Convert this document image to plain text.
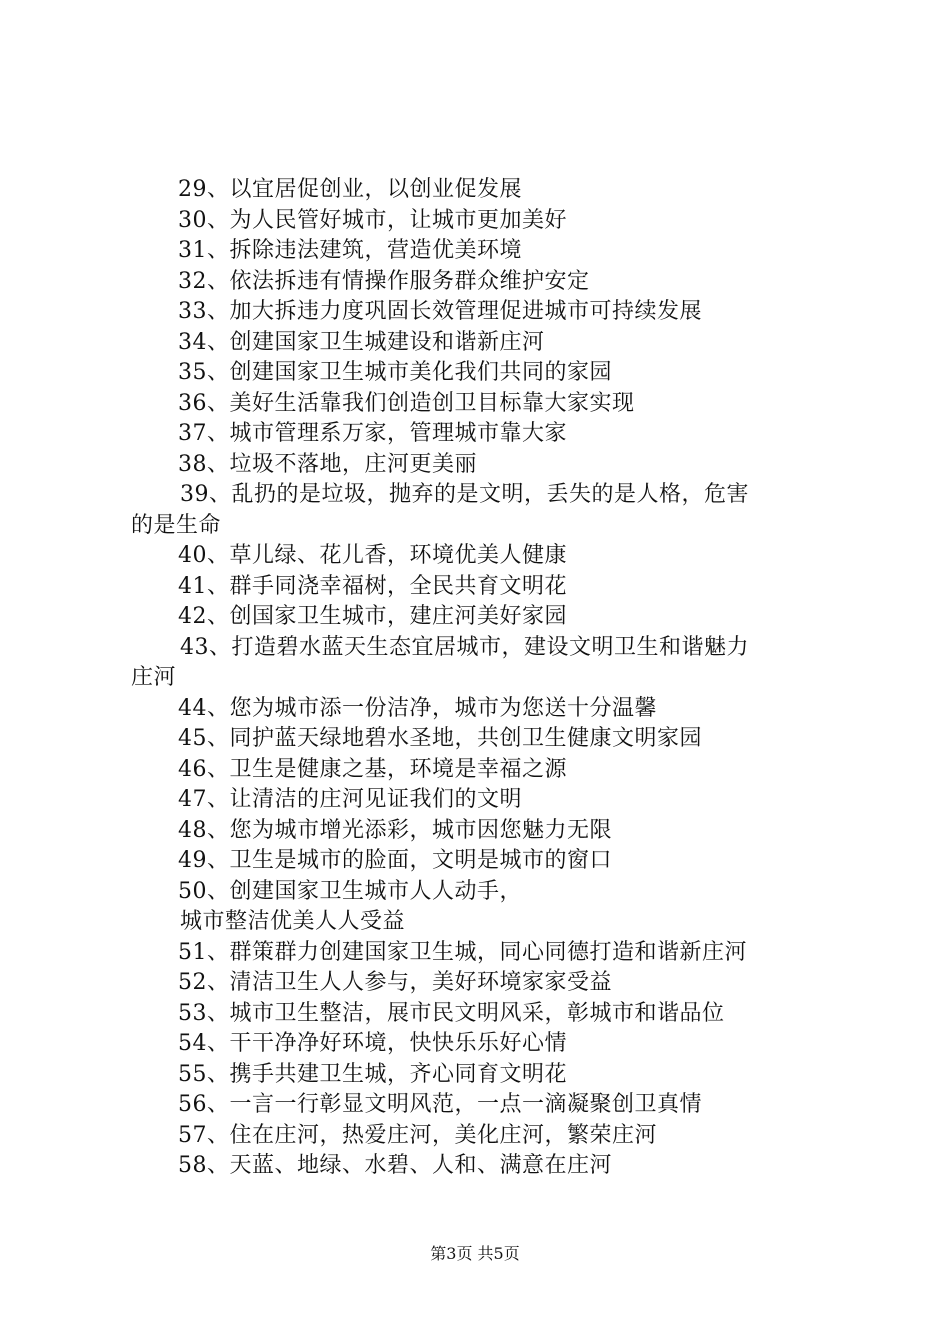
29、以宜居促创业，以创业促发展
30、为人民管好城市，让城市更加美好
31、拆除违法建筑，营造优美环境
32、依法拆违有情操作服务群众维护安定
33、加大拆违力度巩固长效管理促进城市可持续发展
34、创建国家卫生城建设和谐新庄河
35、创建国家卫生城市美化我们共同的家园
36、美好生活靠我们创造创卫目标靠大家实现
37、城市管理系万家，管理城市靠大家
38、垃圾不落地，庄河更美丽
39、乱扔的是垃圾，抛弃的是文明，丢失的是人格，危害
的是生命
40、草儿绿、花儿香，环境优美人健康
41、群手同浇幸福树，全民共育文明花
42、创国家卫生城市，建庄河美好家园
43、打造碧水蓝天生态宜居城市，建设文明卫生和谐魅力
庄河
44、您为城市添一份洁净，城市为您送十分温馨
45、同护蓝天绿地碧水圣地，共创卫生健康文明家园
46、卫生是健康之基，环境是幸福之源
47、让清洁的庄河见证我们的文明
48、您为城市增光添彩，城市因您魅力无限
49、卫生是城市的脸面，文明是城市的窗口
50、创建国家卫生城市人人动手，
城市整洁优美人人受益
51、群策群力创建国家卫生城，同心同德打造和谐新庄河
52、清洁卫生人人参与，美好环境家家受益
53、城市卫生整洁，展市民文明风采，彰城市和谐品位
54、干干净净好环境，快快乐乐好心情
55、携手共建卫生城，齐心同育文明花
56、一言一行彰显文明风范，一点一滴凝聚创卫真情
57、住在庄河，热爱庄河，美化庄河，繁荣庄河
58、天蓝、地绿、水碧、人和、满意在庄河
第3页 共5页
